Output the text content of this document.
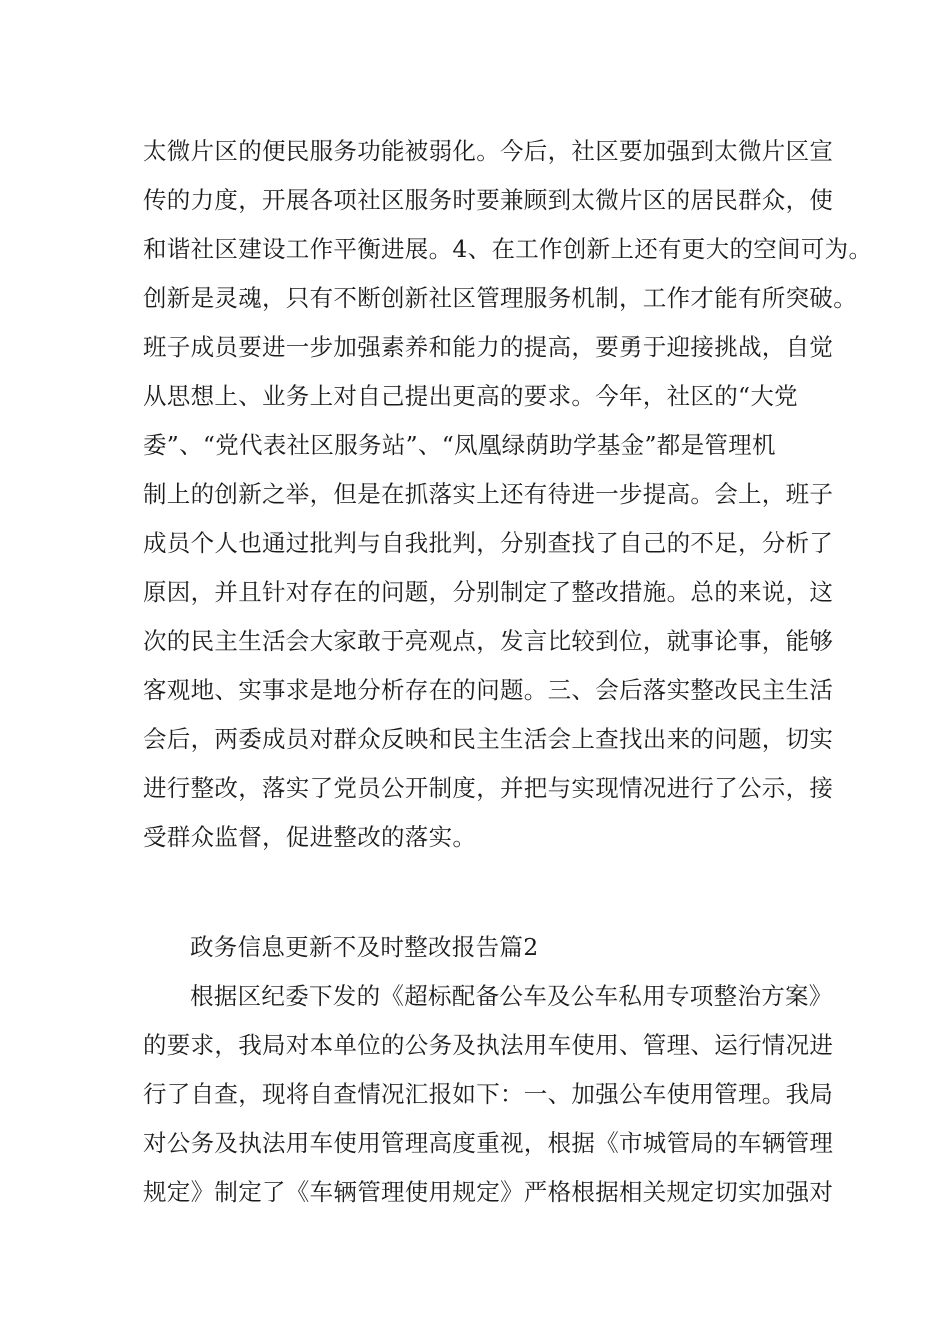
太微片区的便民服务功能被弱化。今后，社区要加强到太微片区宣
传的力度，开展各项社区服务时要兼顾到太微片区的居民群众，使
和谐社区建设工作平衡进展。4、在工作创新上还有更大的空间可为。
创新是灵魂，只有不断创新社区管理服务机制，工作才能有所突破。
班子成员要进一步加强素养和能力的提高，要勇于迎接挑战，自觉
从思想上、业务上对自己提出更高的要求。今年，社区的“大党
委”、“党代表社区服务站”、“凤凰绿荫助学基金”都是管理机
制上的创新之举，但是在抓落实上还有待进一步提高。会上，班子
成员个人也通过批判与自我批判，分别查找了自己的不足，分析了
原因，并且针对存在的问题，分别制定了整改措施。总的来说，这
次的民主生活会大家敢于亮观点，发言比较到位，就事论事，能够
客观地、实事求是地分析存在的问题。三、会后落实整改民主生活
会后，两委成员对群众反映和民主生活会上查找出来的问题，切实
进行整改，落实了党员公开制度，并把与实现情况进行了公示，接
受群众监督，促进整改的落实。
政务信息更新不及时整改报告篇2
根据区纪委下发的《超标配备公车及公车私用专项整治方案》
的要求，我局对本单位的公务及执法用车使用、管理、运行情况进
行了自查，现将自查情况汇报如下：一、加强公车使用管理。我局
对公务及执法用车使用管理高度重视，根据《市城管局的车辆管理
规定》制定了《车辆管理使用规定》严格根据相关规定切实加强对
